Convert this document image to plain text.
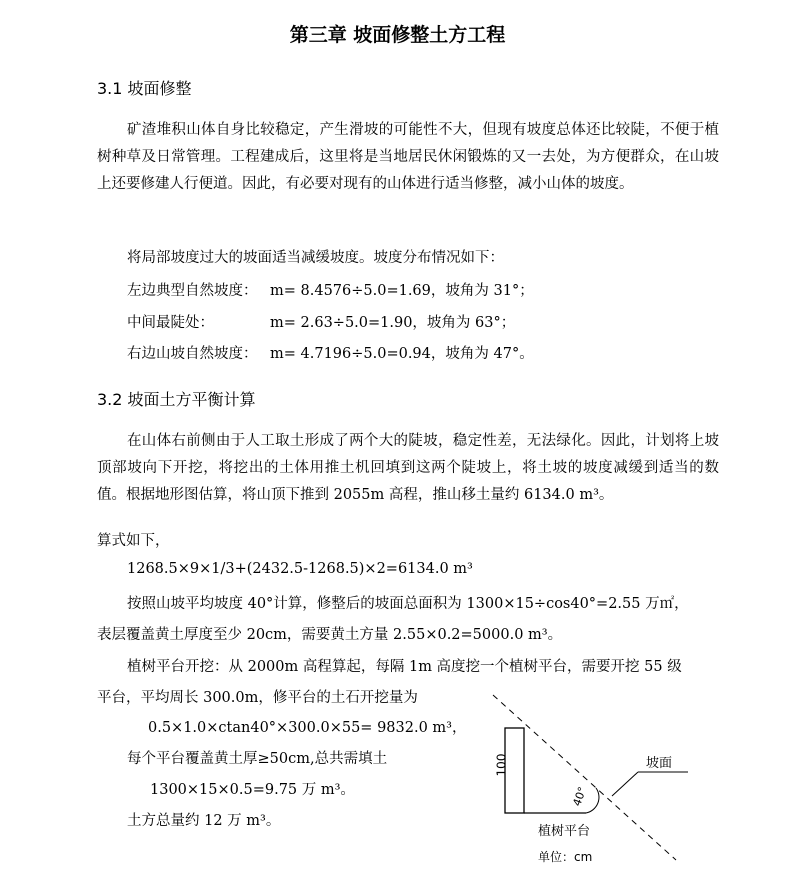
第三章 坡面修整土方工程
3.1 坡面修整
矿渣堆积山体自身比较稳定，产生滑坡的可能性不大，但现有坡度总体还比较陡，不便于植树种草及日常管理。工程建成后，这里将是当地居民休闲锻炼的又一去处，为方便群众，在山坡上还要修建人行便道。因此，有必要对现有的山体进行适当修整，减小山体的坡度。
将局部坡度过大的坡面适当减缓坡度。坡度分布情况如下：
左边典型自然坡度： m= 8.4576÷5.0=1.69，坡角为 31°；
中间最陡处：	m= 2.63÷5.0=1.90，坡角为 63°；
右边山坡自然坡度： m= 4.7196÷5.0=0.94，坡角为 47°。
3.2 坡面土方平衡计算
在山体右前侧由于人工取土形成了两个大的陡坡，稳定性差，无法绿化。因此，计划将上坡顶部坡向下开挖，将挖出的土体用推土机回填到这两个陡坡上，将土坡的坡度减缓到适当的数值。根据地形图估算，将山顶下推到 2055m 高程，推山移土量约 6134.0 m³。
算式如下，
1268.5×9×1/3+(2432.5-1268.5)×2=6134.0 m³
按照山坡平均坡度 40°计算，修整后的坡面总面积为 1300×15÷cos40°=2.55 万㎡，
表层覆盖黄土厚度至少 20cm，需要黄土方量 2.55×0.2=5000.0 m³。
植树平台开挖：从 2000m 高程算起，每隔 1m 高度挖一个植树平台，需要开挖 55 级
平台，平均周长 300.0m，修平台的土石开挖量为
0.5×1.0×ctan40°×300.0×55= 9832.0 m³，
每个平台覆盖黄土厚≥50cm,总共需填土
1300×15×0.5=9.75 万 m³。
土方总量约 12 万 m³。
100
40°
坡面
植树平台
单位：cm
